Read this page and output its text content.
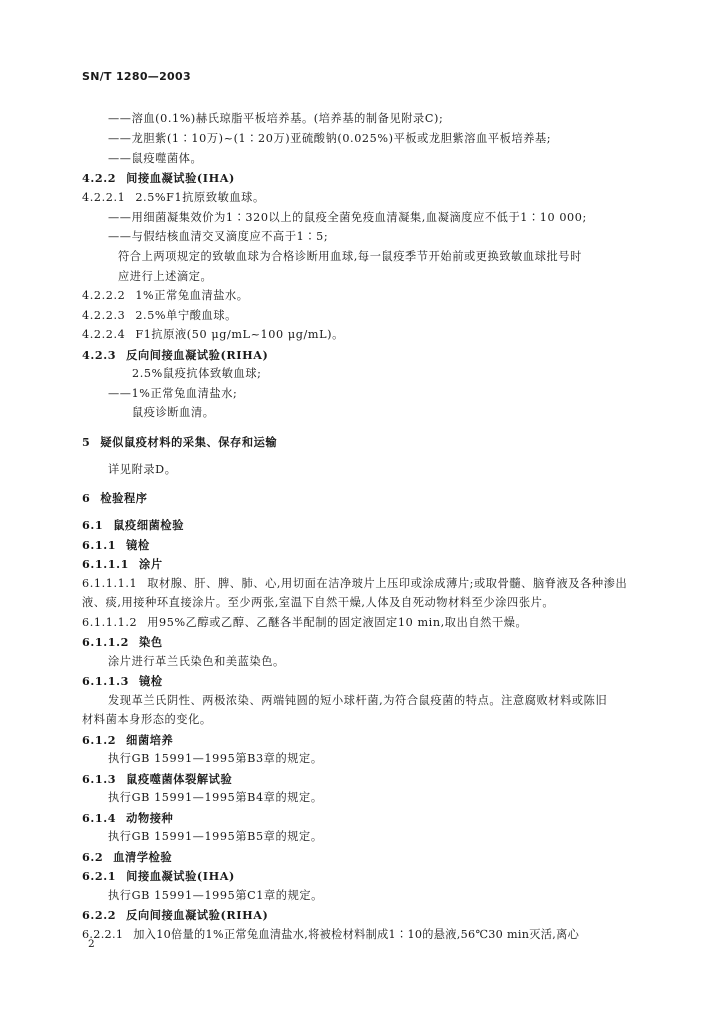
SN/T 1280—2003
——溶血(0.1%)赫氏琼脂平板培养基。(培养基的制备见附录C);
——龙胆紫(1∶10万)~(1∶20万)亚硫酸钠(0.025%)平板或龙胆紫溶血平板培养基;
——鼠疫噬菌体。
4.2.2 间接血凝试验(IHA)
4.2.2.1 2.5%F1抗原致敏血球。
——用细菌凝集效价为1∶320以上的鼠疫全菌免疫血清凝集,血凝滴度应不低于1∶10 000;
——与假结核血清交叉滴度应不高于1∶5;
符合上两项规定的致敏血球为合格诊断用血球,每一鼠疫季节开始前或更换致敏血球批号时
应进行上述滴定。
4.2.2.2 1%正常兔血清盐水。
4.2.2.3 2.5%单宁酸血球。
4.2.2.4 F1抗原液(50 μg/mL~100 μg/mL)。
4.2.3 反向间接血凝试验(RIHA)
2.5%鼠疫抗体致敏血球;
——1%正常兔血清盐水;
鼠疫诊断血清。
5 疑似鼠疫材料的采集、保存和运输
详见附录D。
6 检验程序
6.1 鼠疫细菌检验
6.1.1 镜检
6.1.1.1 涂片
6.1.1.1.1 取材腺、肝、脾、肺、心,用切面在洁净玻片上压印或涂成薄片;或取骨髓、脑脊液及各种渗出
液、痰,用接种环直接涂片。至少两张,室温下自然干燥,人体及自死动物材料至少涂四张片。
6.1.1.1.2 用95%乙醇或乙醇、乙醚各半配制的固定液固定10 min,取出自然干燥。
6.1.1.2 染色
涂片进行革兰氏染色和美蓝染色。
6.1.1.3 镜检
发现革兰氏阴性、两极浓染、两端钝圆的短小球杆菌,为符合鼠疫菌的特点。注意腐败材料或陈旧
材料菌本身形态的变化。
6.1.2 细菌培养
执行GB 15991—1995第B3章的规定。
6.1.3 鼠疫噬菌体裂解试验
执行GB 15991—1995第B4章的规定。
6.1.4 动物接种
执行GB 15991—1995第B5章的规定。
6.2 血清学检验
6.2.1 间接血凝试验(IHA)
执行GB 15991—1995第C1章的规定。
6.2.2 反向间接血凝试验(RIHA)
6.2.2.1 加入10倍量的1%正常兔血清盐水,将被检材料制成1∶10的悬液,56℃30 min灭活,离心
2
